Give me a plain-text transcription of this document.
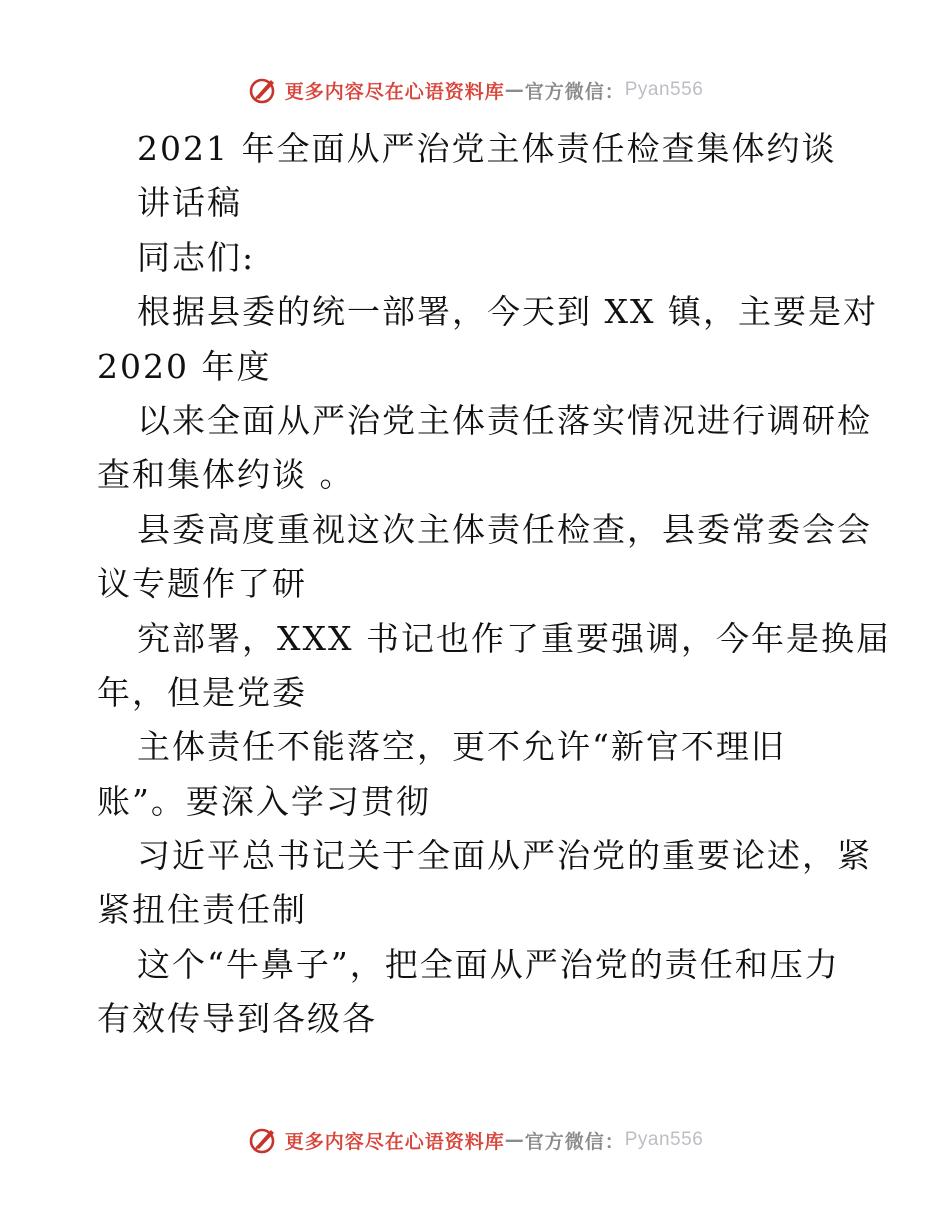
更多内容尽在心语资料库 — 官方微信： Pyan556
2021 年全面从严治党主体责任检查集体约谈
讲话稿
同志们:
根据县委的统一部署，今天到 XX 镇，主要是对
2020 年度
以来全面从严治党主体责任落实情况进行调研检
查和集体约谈 。
县委高度重视这次主体责任检查，县委常委会会
议专题作了研
究部署，XXX 书记也作了重要强调，今年是换届
年，但是党委
主体责任不能落空，更不允许“新官不理旧
账”。要深入学习贯彻
习近平总书记关于全面从严治党的重要论述，紧
紧扭住责任制
这个“牛鼻子”，把全面从严治党的责任和压力
有效传导到各级各
更多内容尽在心语资料库 — 官方微信： Pyan556
